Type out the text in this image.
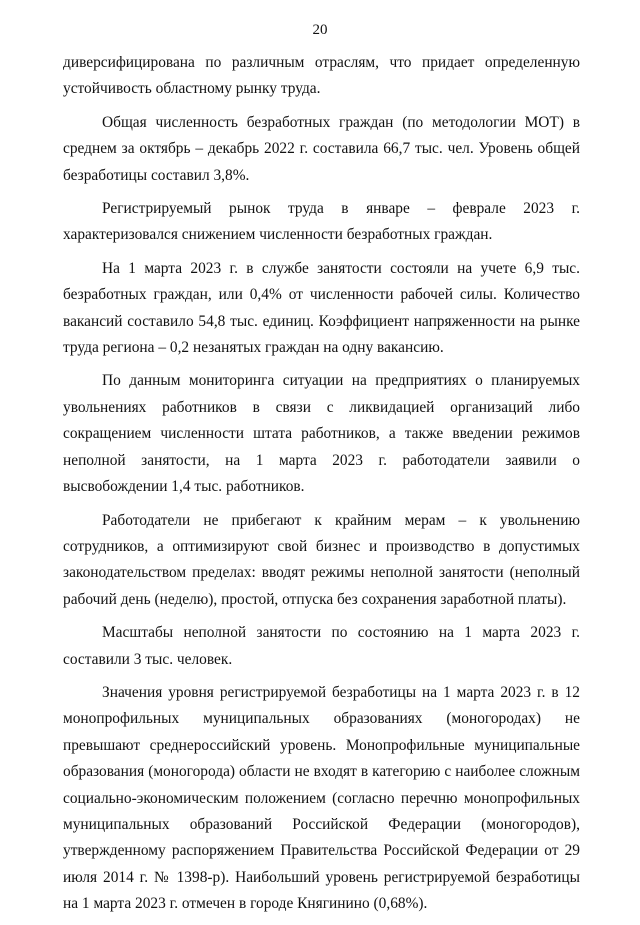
20

диверсифицирована по различным отраслям, что придает определенную устойчивость областному рынку труда.

Общая численность безработных граждан (по методологии МОТ) в среднем за октябрь – декабрь 2022 г. составила 66,7 тыс. чел. Уровень общей безработицы составил 3,8%.

Регистрируемый рынок труда в январе – феврале 2023 г. характеризовался снижением численности безработных граждан.

На 1 марта 2023 г. в службе занятости состояли на учете 6,9 тыс. безработных граждан, или 0,4% от численности рабочей силы. Количество вакансий составило 54,8 тыс. единиц. Коэффициент напряженности на рынке труда региона – 0,2 незанятых граждан на одну вакансию.

По данным мониторинга ситуации на предприятиях о планируемых увольнениях работников в связи с ликвидацией организаций либо сокращением численности штата работников, а также введении режимов неполной занятости, на 1 марта 2023 г. работодатели заявили о высвобождении 1,4 тыс. работников.

Работодатели не прибегают к крайним мерам – к увольнению сотрудников, а оптимизируют свой бизнес и производство в допустимых законодательством пределах: вводят режимы неполной занятости (неполный рабочий день (неделю), простой, отпуска без сохранения заработной платы).

Масштабы неполной занятости по состоянию на 1 марта 2023 г. составили 3 тыс. человек.

Значения уровня регистрируемой безработицы на 1 марта 2023 г. в 12 монопрофильных муниципальных образованиях (моногородах) не превышают среднероссийский уровень. Монопрофильные муниципальные образования (моногорода) области не входят в категорию с наиболее сложным социально-экономическим положением (согласно перечню монопрофильных муниципальных образований Российской Федерации (моногородов), утвержденному распоряжением Правительства Российской Федерации от 29 июля 2014 г. № 1398-р). Наибольший уровень регистрируемой безработицы на 1 марта 2023 г. отмечен в городе Княгинино (0,68%).
